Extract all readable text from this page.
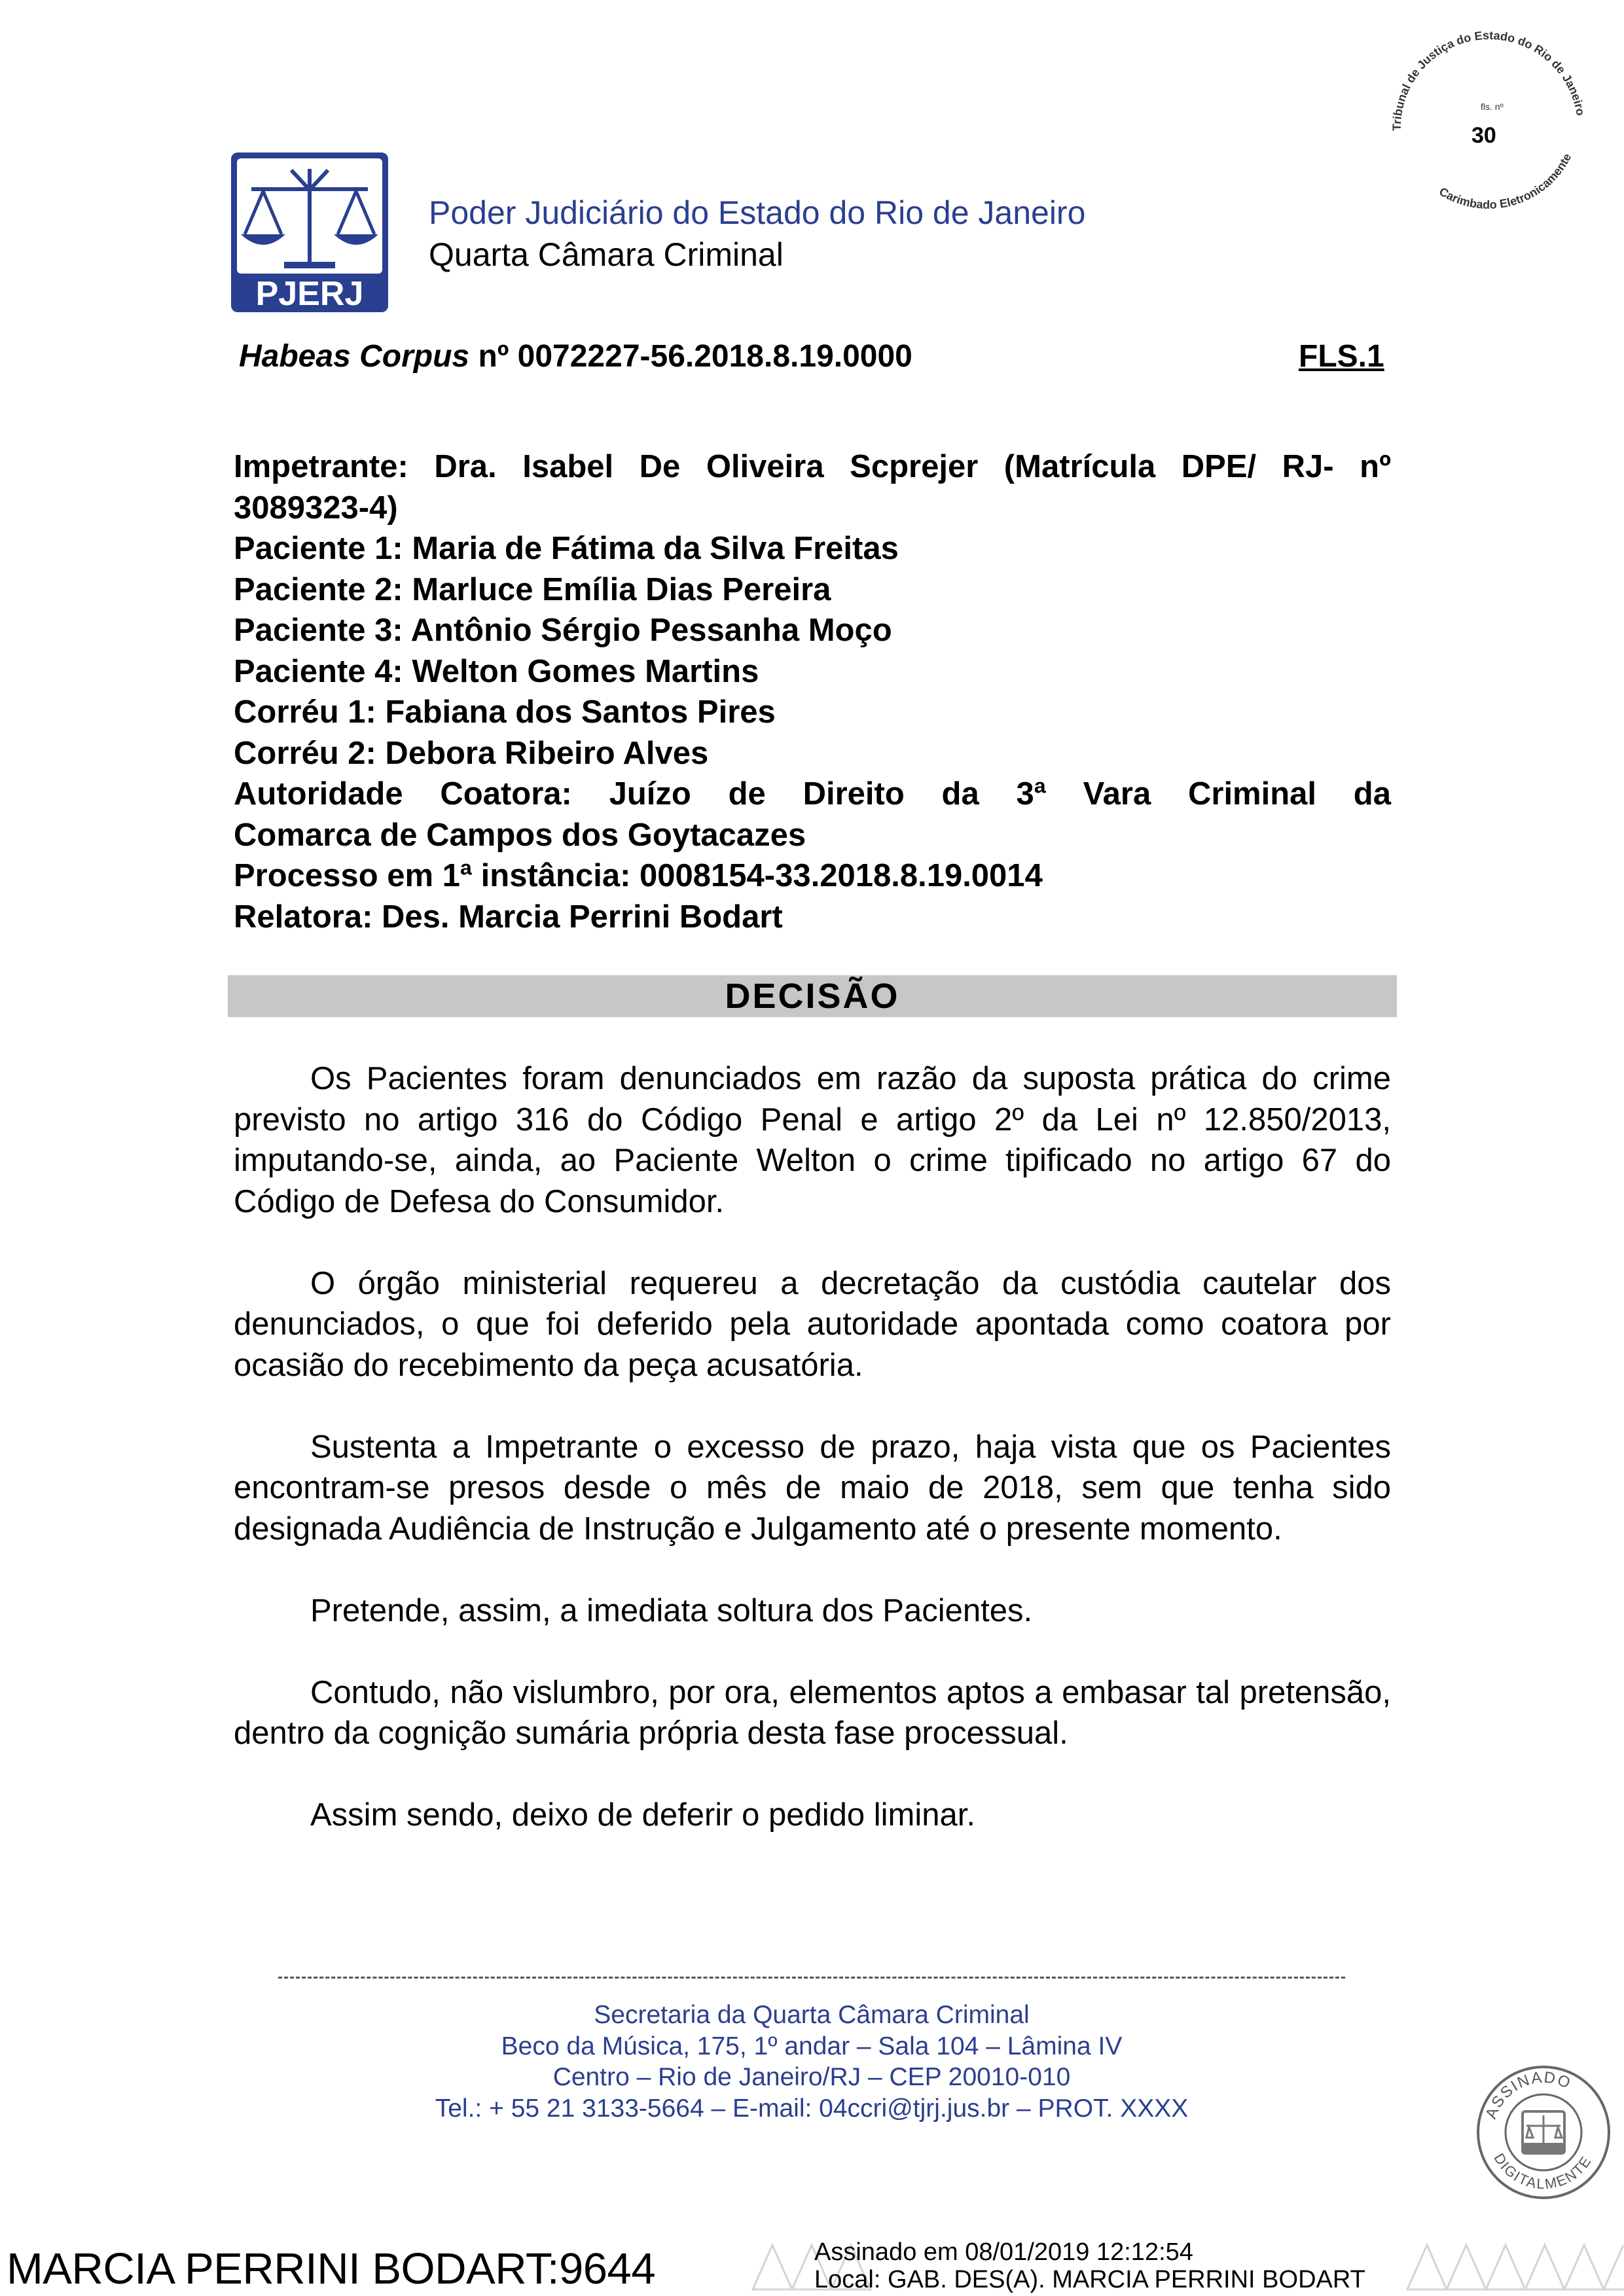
PJERJ
Poder Judiciário do Estado do Rio de Janeiro
Quarta Câmara Criminal
Tribunal de Justiça do Estado do Rio de Janeiro
Carimbado Eletronicamente
fls. nº
30
Habeas Corpus nº 0072227-56.2018.8.19.0000	FLS.1
Impetrante: Dra. Isabel De Oliveira Scprejer (Matrícula DPE/ RJ- nº
3089323-4)
Paciente 1: Maria de Fátima da Silva Freitas
Paciente 2: Marluce Emília Dias Pereira
Paciente 3: Antônio Sérgio Pessanha Moço
Paciente 4: Welton Gomes Martins
Corréu 1: Fabiana dos Santos Pires
Corréu 2: Debora Ribeiro Alves
Autoridade Coatora: Juízo de Direito da 3ª Vara Criminal da
Comarca de Campos dos Goytacazes
Processo em 1ª instância: 0008154-33.2018.8.19.0014
Relatora: Des. Marcia Perrini Bodart
DECISÃO

Os Pacientes foram denunciados em razão da suposta prática do crime previsto no artigo 316 do Código Penal e artigo 2º da Lei nº 12.850/2013, imputando-se, ainda, ao Paciente Welton o crime tipificado no artigo 67 do Código de Defesa do Consumidor.

O órgão ministerial requereu a decretação da custódia cautelar dos denunciados, o que foi deferido pela autoridade apontada como coatora por ocasião do recebimento da peça acusatória.

Sustenta a Impetrante o excesso de prazo, haja vista que os Pacientes encontram-se presos desde o mês de maio de 2018, sem que tenha sido designada Audiência de Instrução e Julgamento até o presente momento.

Pretende, assim, a imediata soltura dos Pacientes.

Contudo, não vislumbro, por ora, elementos aptos a embasar tal pretensão, dentro da cognição sumária própria desta fase processual.

Assim sendo, deixo de deferir o pedido liminar.

Secretaria da Quarta Câmara Criminal
Beco da Música, 175, 1º andar – Sala 104 – Lâmina IV
Centro – Rio de Janeiro/RJ – CEP 20010-010
Tel.: + 55 21 3133-5664 – E-mail: 04ccri@tjrj.jus.br – PROT. XXXX	ASSINADO
DIGITALMENTE
MARCIA PERRINI BODART:9644	Assinado em 08/01/2019 12:12:54
Local: GAB. DES(A). MARCIA PERRINI BODART
